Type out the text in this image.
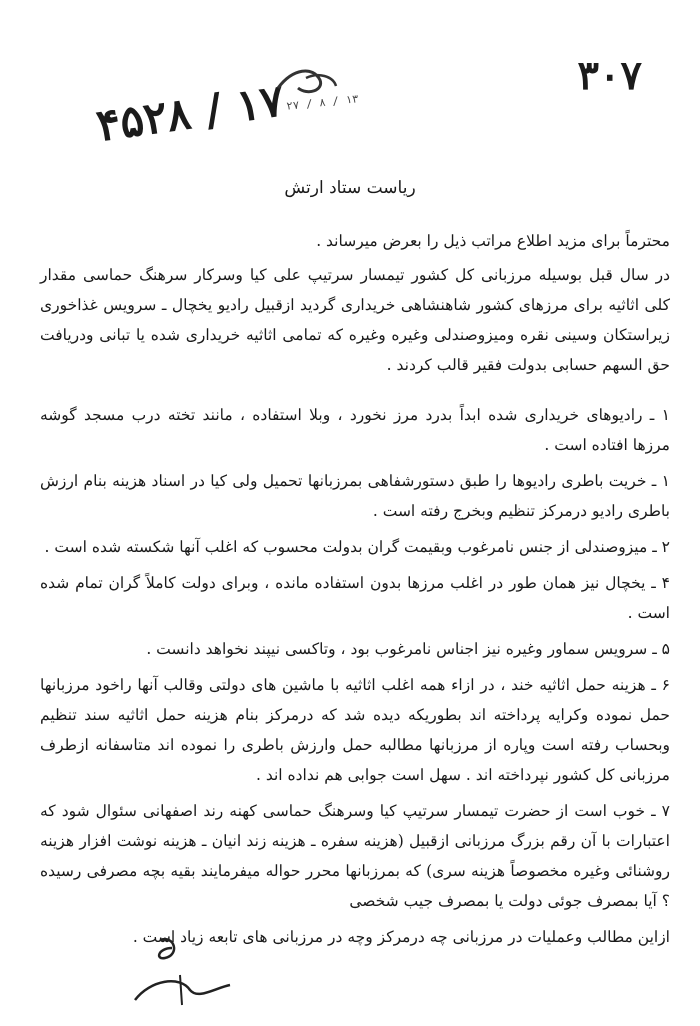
۳۰۷
۴۵۲۸ / ۱۷
۲۷ / ۸ / ۱۳
ریاست ستاد ارتش

محترماً برای مزید اطلاع مراتب ذیل را بعرض میرساند .

در سال قبل بوسیله مرزبانی کل کشور تیمسار سرتیپ علی کیا وسرکار سرهنگ حماسی مقدار کلی اثاثیه برای مرزهای کشور شاهنشاهی خریداری گردید ازقبیل رادیو یخچال ـ سرویس غذاخوری زیراستکان وسینی نقره ومیزوصندلی وغیره وغیره که تمامی اثاثیه خریداری شده یا تبانی ودریافت حق السهم حسابی بدولت فقیر قالب کردند .

۱ ـ رادیوهای خریداری شده ابداً بدرد مرز نخورد ، وبلا استفاده ، مانند تخته درب مسجد گوشه مرزها افتاده است .

۱ ـ خریت باطری رادیوها را طبق دستورشفاهی بمرزبانها تحمیل ولی کیا در اسناد هزینه بنام ارزش باطری رادیو درمرکز تنظیم وبخرج رفته است .

۲ ـ میزوصندلی از جنس نامرغوب وبقیمت گران بدولت محسوب که اغلب آنها شکسته شده است .

۴ ـ یخچال نیز همان طور در اغلب مرزها بدون استفاده مانده ، وبرای دولت کاملاً گران تمام شده است .

۵ ـ سرویس سماور وغیره نیز اجناس نامرغوب بود ، وتاکسی نیپند نخواهد دانست .

۶ ـ هزینه حمل اثاثیه خند ، در ازاء همه اغلب اثاثیه با ماشین های دولتی وقالب آنها راخود مرزبانها حمل نموده وکرایه پرداخته اند بطوریکه دیده شد که درمرکز بنام هزینه حمل اثاثیه سند تنظیم وبحساب رفته است وپاره از مرزبانها مطالبه حمل وارزش باطری را نموده اند متاسفانه ازطرف مرزبانی کل کشور نپرداخته اند . سهل است جوابی هم نداده اند .

۷ ـ خوب است از حضرت تیمسار سرتیپ کیا وسرهنگ حماسی کهنه رند اصفهانی سئوال شود که اعتبارات با آن رقم بزرگ مرزبانی ازقبیل (هزینه سفره ـ هزینه زند انیان ـ هزینه نوشت افزار هزینه روشنائی وغیره مخصوصاً هزینه سری) که بمرزبانها محرر حواله میفرمایند بقیه بچه مصرفی رسیده ؟ آیا بمصرف جوئی دولت یا بمصرف جیب شخصی

ازاین مطالب وعملیات در مرزبانی چه درمرکز وچه در مرزبانی های تابعه زیاد است .
